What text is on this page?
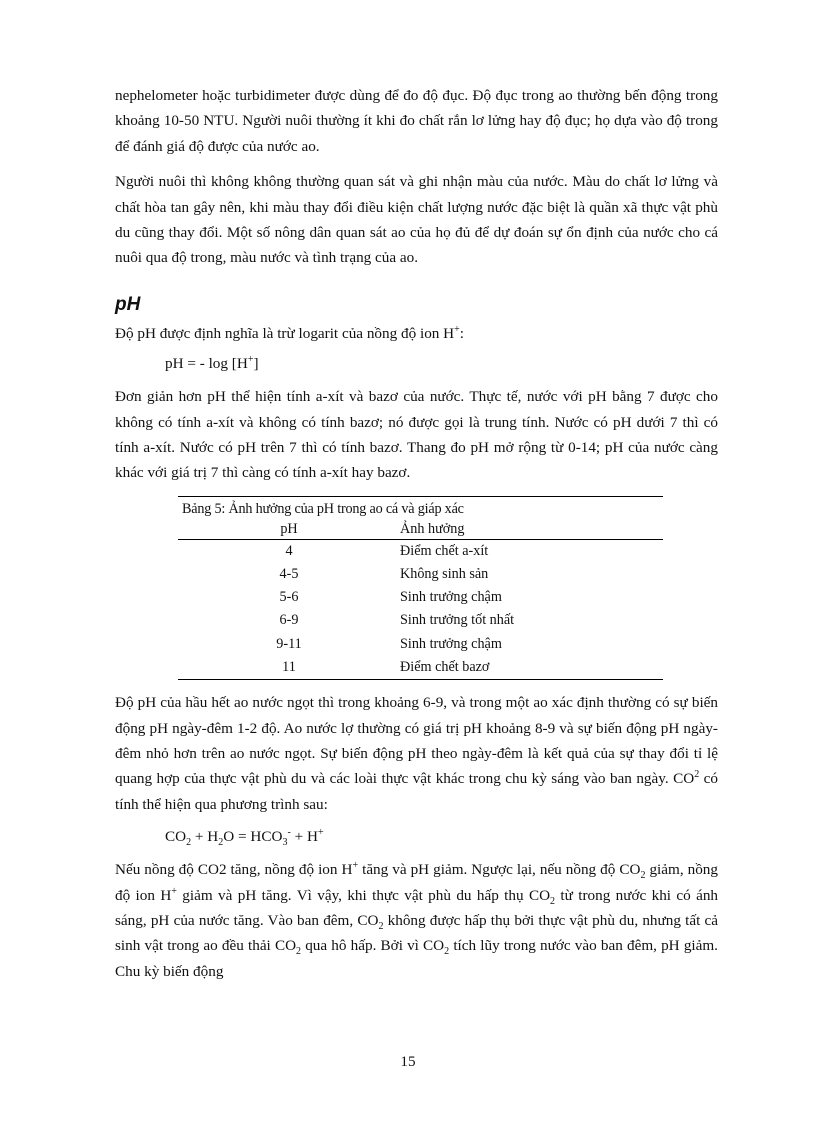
nephelometer hoặc turbidimeter được dùng để đo độ đục. Độ đục trong ao thường bến động trong khoảng 10-50 NTU. Người nuôi thường ít khi đo chất rắn lơ lửng hay độ đục; họ dựa vào độ trong để đánh giá độ được của nước ao.

Người nuôi thì không không thường quan sát và ghi nhận màu của nước. Màu do chất lơ lửng và chất hòa tan gây nên, khi màu thay đổi điều kiện chất lượng nước đặc biệt là quần xã thực vật phù du cũng thay đổi. Một số nông dân quan sát ao của họ đủ để dự đoán sự ổn định của nước cho cá nuôi qua độ trong, màu nước và tình trạng của ao.

pH

Độ pH được định nghĩa là trừ logarit của nồng độ ion H+:

pH = - log [H+]

Đơn giản hơn pH thể hiện tính a-xít và bazơ của nước. Thực tế, nước với pH bằng 7 được cho không có tính a-xít và không có tính bazơ; nó được gọi là trung tính. Nước có pH dưới 7 thì có tính a-xít. Nước có pH trên 7 thì có tính bazơ. Thang đo pH mở rộng từ 0-14; pH của nước càng khác với giá trị 7 thì càng có tính a-xít hay bazơ.

Bảng 5: Ảnh hưởng của pH trong ao cá và giáp xác
pH	Ảnh hưởng
4	Điểm chết a-xít
4-5	Không sinh sản
5-6	Sinh trưởng chậm
6-9	Sinh trưởng tốt nhất
9-11	Sinh trưởng chậm
11	Điểm chết bazơ

Độ pH của hầu hết ao nước ngọt thì trong khoảng 6-9, và trong một ao xác định thường có sự biến động pH ngày-đêm 1-2 độ. Ao nước lợ thường có giá trị pH khoảng 8-9 và sự biến động pH ngày-đêm nhỏ hơn trên ao nước ngọt. Sự biến động pH theo ngày-đêm là kết quả của sự thay đổi tỉ lệ quang hợp của thực vật phù du và các loài thực vật khác trong chu kỳ sáng vào ban ngày. $CO^2$ có tính thể hiện qua phương trình sau:

$CO_2 + H_2O = HCO_3^- + H^+$

Nếu nồng độ CO2 tăng, nồng độ ion H+ tăng và pH giảm. Ngược lại, nếu nồng độ $CO_2$ giảm, nồng độ ion H+ giảm và pH tăng. Vì vậy, khi thực vật phù du hấp thụ $CO_2$ từ trong nước khi có ánh sáng, pH của nước tăng. Vào ban đêm, $CO_2$ không được hấp thụ bởi thực vật phù du, nhưng tất cả sinh vật trong ao đều thải $CO_2$ qua hô hấp. Bởi vì $CO_2$ tích lũy trong nước vào ban đêm, pH giảm. Chu kỳ biến động

15
